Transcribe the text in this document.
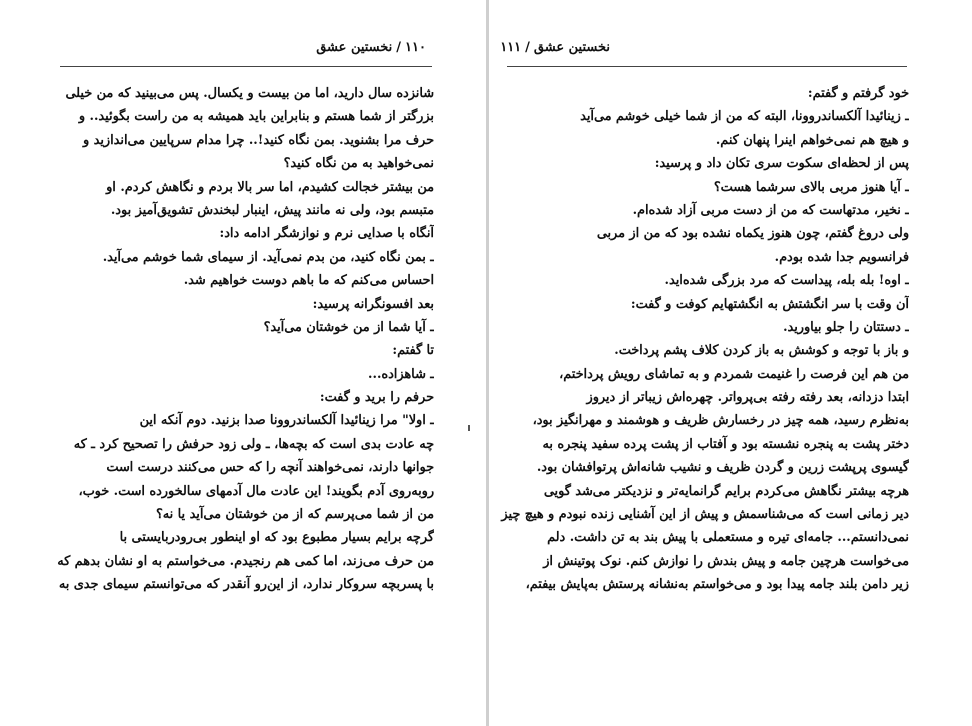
۱۱۰/نخستین عشق
شانزده سال دارید، اما من بیست و یکسال. پس می‌بینید که من خیلی
بزرگتر از شما هستم و بنابراین باید همیشه به من راست بگوئید.. و
حرف مرا بشنوید. بمن نگاه کنید!.. چرا مدام سرپایین می‌اندازید و
نمی‌خواهید به من نگاه کنید؟
من بیشتر خجالت کشیدم، اما سر بالا بردم و نگاهش کردم. او
متبسم بود، ولی نه مانند پیش، اینبار لبخندش تشویق‌آمیز بود.
آنگاه با صدایی نرم و نوازشگر ادامه داد:
ـ بمن نگاه کنید، من بدم نمی‌آید. از سیمای شما خوشم می‌آید.
احساس می‌کنم که ما باهم دوست خواهیم شد.
بعد افسونگرانه پرسید:
ـ آیا شما از من خوشتان می‌آید؟
تا گفتم:
ـ شاهزاده...
حرفم را برید و گفت:
ـ اولا" مرا زینائیدا آلکساندروونا صدا بزنید. دوم آنکه این
چه عادت بدی است که بچه‌ها، ـ ولی زود حرفش را تصحیح کرد ـ که
جوانها دارند، نمی‌خواهند آنچه را که حس می‌کنند درست است
روبه‌روی آدم بگویند! این عادت مال آدمهای سالخورده است. خوب،
من از شما می‌پرسم که از من خوشتان می‌آید یا نه؟
گرچه برایم بسیار مطبوع بود که او اینطور بی‌رودربایستی با
من حرف می‌زند، اما کمی هم رنجیدم. می‌خواستم به او نشان بدهم که
با پسربچه سروکار ندارد، از این‌رو آنقدر که می‌توانستم سیمای جدی به
نخستین عشق/۱۱۱
خود گرفتم و گفتم:
ـ زینائیدا آلکساندروونا، البته که من از شما خیلی خوشم می‌آید
و هیچ هم نمی‌خواهم اینرا پنهان کنم.
پس از لحظه‌ای سکوت سری تکان داد و پرسید:
ـ آیا هنوز مربی بالای سرشما هست؟
ـ نخیر، مدتهاست که من از دست مربی آزاد شده‌ام.
ولی دروغ گفتم، چون هنوز یکماه نشده بود که من از مربی
فرانسویم جدا شده بودم.
ـ اوه! بله بله، پیداست که مرد بزرگی شده‌اید.
آن وقت با سر انگشتش به انگشتهایم کوفت و گفت:
ـ دستتان را جلو بیاورید.
و باز با توجه و کوشش به باز کردن کلاف پشم پرداخت.
من هم این فرصت را غنیمت شمردم و به تماشای رویش پرداختم،
ابتدا دزدانه، بعد رفته رفته بی‌پرواتر. چهره‌اش زیباتر از دیروز
به‌نظرم رسید، همه چیز در رخسارش ظریف و هوشمند و مهرانگیز بود،
دختر پشت به پنجره نشسته بود و آفتاب از پشت پرده سفید پنجره به
گیسوی پرپشت زرین و گردن ظریف و نشیب شانه‌اش پرتوافشان بود.
هرچه بیشتر نگاهش می‌کردم برایم گرانمایه‌تر و نزدیکتر می‌شد گویی
دیر زمانی است که می‌شناسمش و پیش از این آشنایی زنده نبودم و هیچ چیز
نمی‌دانستم... جامه‌ای تیره و مستعملی با پیش بند به تن داشت. دلم
می‌خواست هرچین جامه و پیش بندش را نوازش کنم. نوک پوتینش از
زیر دامن بلند جامه پیدا بود و می‌خواستم به‌نشانه پرستش به‌پایش بیفتم،
